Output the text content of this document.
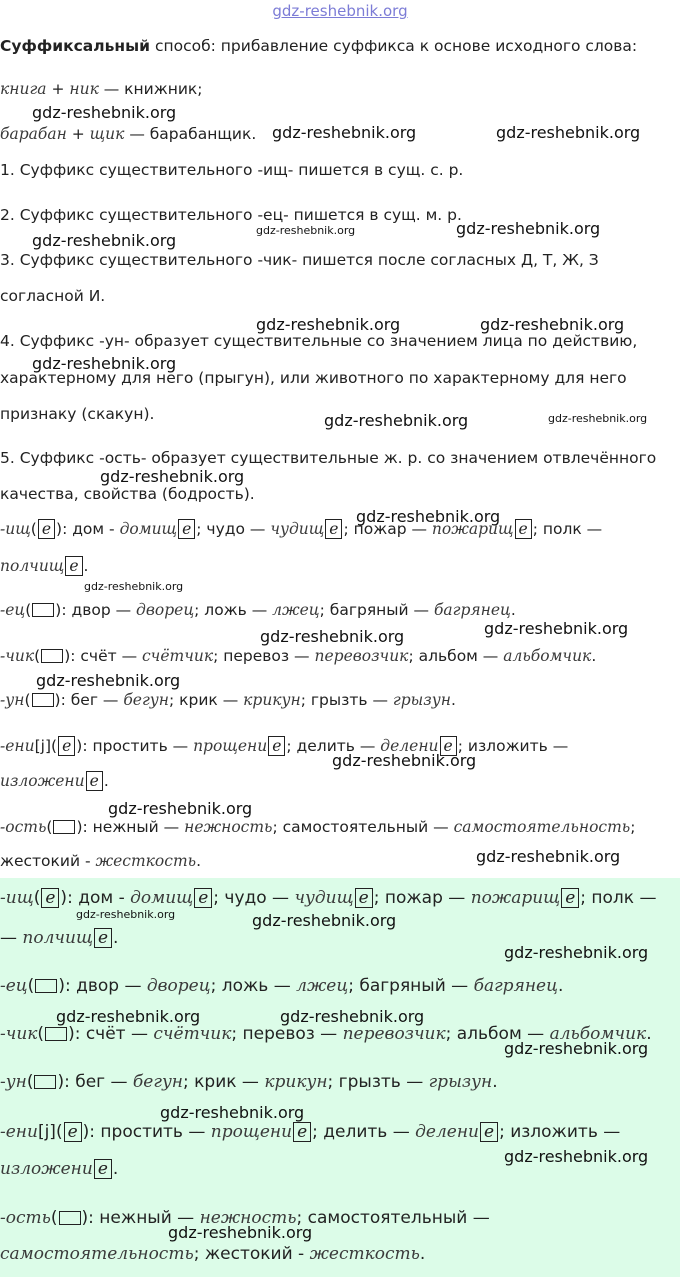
gdz-reshebnik.org
Суффиксальный способ: прибавление суффикса к основе исходного слова:
книга + ник — книжник;
барабан + щик — барабанщик.
1. Суффикс существительного -ищ- пишется в сущ. с. р.
2. Суффикс существительного -ец- пишется в сущ. м. р.
3. Суффикс существительного -чик- пишется после согласных Д, Т, Ж, З
согласной И.
4. Суффикс -ун- образует существительные со значением лица по действию,
характерному для него (прыгун), или животного по характерному для него
признаку (скакун).
5. Суффикс -ость- образует существительные ж. р. со значением отвлечённого
качества, свойства (бодрость).
-ищ( е ): дом - домищ е ; чудо — чудищ е ; пожар — пожарищ е ; полк —
полчищ е .
-ец( ): двор — дворец; ложь — лжец; багряный — багрянец.
-чик( ): счёт — счётчик; перевоз — перевозчик; альбом — альбомчик.
-ун( ): бег — бегун; крик — крикун; грызть — грызун.
-ени[j]( е ): простить — прощени е ; делить — делени е ; изложить —
изложени е .
-ость( ): нежный — нежность; самостоятельный — самостоятельность;
жестокий - жесткость.
-ищ( е ): дом - домищ е ; чудо — чудищ е ; пожар — пожарищ е ; полк —
— полчищ е .
-ец( ): двор — дворец; ложь — лжец; багряный — багрянец.
-чик( ): счёт — счётчик; перевоз — перевозчик; альбом — альбомчик.
-ун( ): бег — бегун; крик — крикун; грызть — грызун.
-ени[j]( е ): простить — прощени е ; делить — делени е ; изложить —
изложени е .
-ость( ): нежный — нежность; самостоятельный —
самостоятельность; жестокий - жесткость.
gdz-reshebnik.org
gdz-reshebnik.org	gdz-reshebnik.org
gdz-reshebnik.org	gdz-reshebnik.org
gdz-reshebnik.org
gdz-reshebnik.org	gdz-reshebnik.org
gdz-reshebnik.org
gdz-reshebnik.org	gdz-reshebnik.org
gdz-reshebnik.org
gdz-reshebnik.org
gdz-reshebnik.org
gdz-reshebnik.org	gdz-reshebnik.org
gdz-reshebnik.org
gdz-reshebnik.org
gdz-reshebnik.org
gdz-reshebnik.org
gdz-reshebnik.org	gdz-reshebnik.org
gdz-reshebnik.org
gdz-reshebnik.org	gdz-reshebnik.org
gdz-reshebnik.org
gdz-reshebnik.org
gdz-reshebnik.org
gdz-reshebnik.org
